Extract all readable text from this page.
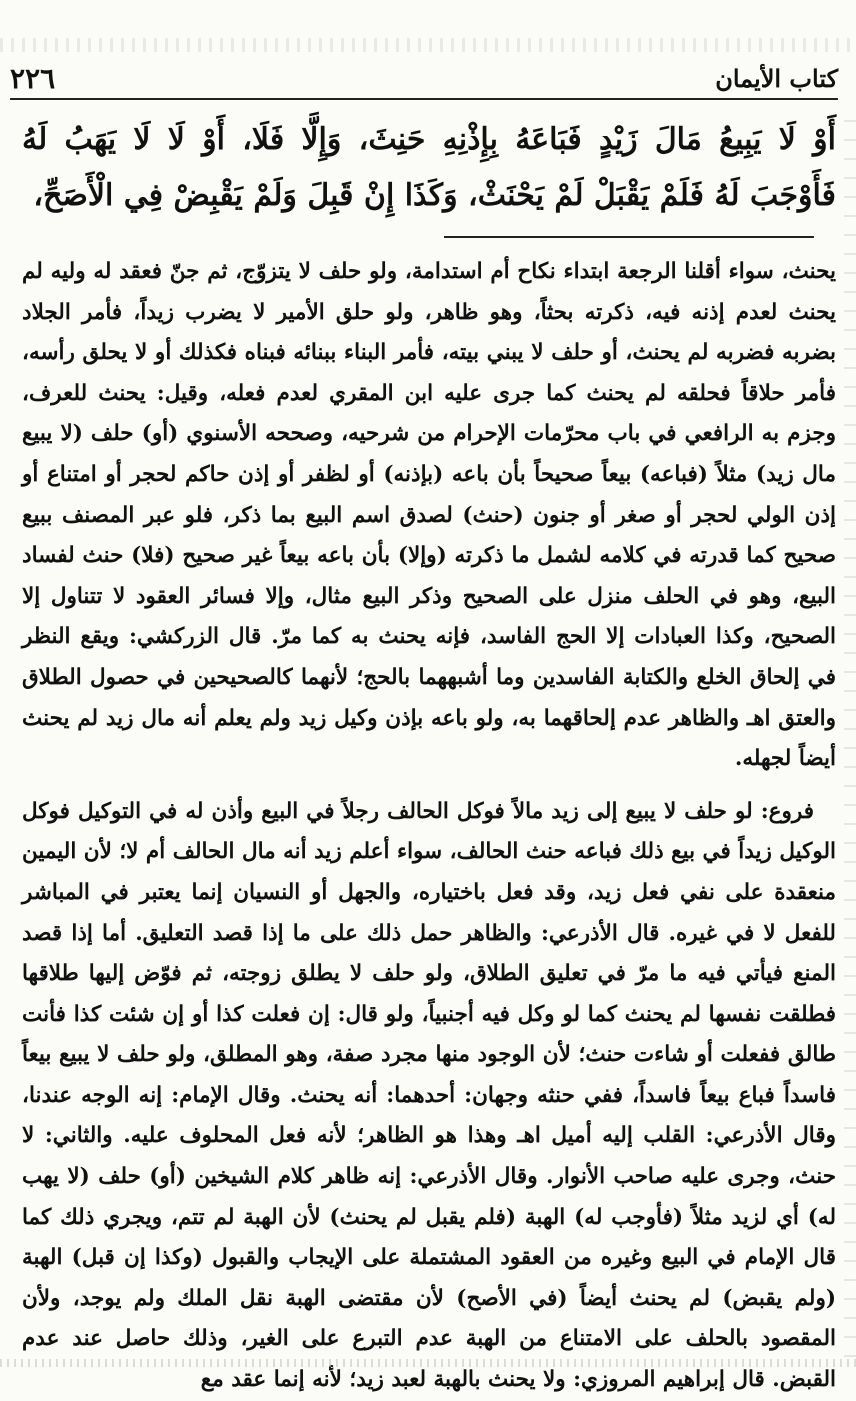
٢٢٦	كتاب الأيمان
أَوْ لَا يَبِيعُ مَالَ زَيْدٍ فَبَاعَهُ بِإِذْنِهِ حَنِثَ، وَإِلَّا فَلَا، أَوْ لَا لَا يَهَبُ لَهُ فَأَوْجَبَ لَهُ فَلَمْ يَقْبَلْ لَمْ يَحْنَثْ، وَكَذَا إِنْ قَبِلَ وَلَمْ يَقْبِضْ فِي الْأَصَحِّ،

يحنث، سواء أقلنا الرجعة ابتداء نكاح أم استدامة، ولو حلف لا يتزوّج، ثم جنّ فعقد له وليه لم يحنث لعدم إذنه فيه، ذكرته بحثاً، وهو ظاهر، ولو حلق الأمير لا يضرب زيداً، فأمر الجلاد بضربه فضربه لم يحنث، أو حلف لا يبني بيته، فأمر البناء ببنائه فبناه فكذلك أو لا يحلق رأسه، فأمر حلاقاً فحلقه لم يحنث كما جرى عليه ابن المقري لعدم فعله، وقيل: يحنث للعرف، وجزم به الرافعي في باب محرّمات الإحرام من شرحيه، وصححه الأسنوي (أو) حلف (لا يبيع مال زيد) مثلاً (فباعه) بيعاً صحيحاً بأن باعه (بإذنه) أو لظفر أو إذن حاكم لحجر أو امتناع أو إذن الولي لحجر أو صغر أو جنون (حنث) لصدق اسم البيع بما ذكر، فلو عبر المصنف ببيع صحيح كما قدرته في كلامه لشمل ما ذكرته (وإلا) بأن باعه بيعاً غير صحيح (فلا) حنث لفساد البيع، وهو في الحلف منزل على الصحيح وذكر البيع مثال، وإلا فسائر العقود لا تتناول إلا الصحيح، وكذا العبادات إلا الحج الفاسد، فإنه يحنث به كما مرّ. قال الزركشي: ويقع النظر في إلحاق الخلع والكتابة الفاسدين وما أشبههما بالحج؛ لأنهما كالصحيحين في حصول الطلاق والعتق اهـ والظاهر عدم إلحاقهما به، ولو باعه بإذن وكيل زيد ولم يعلم أنه مال زيد لم يحنث أيضاً لجهله.

فروع: لو حلف لا يبيع إلى زيد مالاً فوكل الحالف رجلاً في البيع وأذن له في التوكيل فوكل الوكيل زيداً في بيع ذلك فباعه حنث الحالف، سواء أعلم زيد أنه مال الحالف أم لا؛ لأن اليمين منعقدة على نفي فعل زيد، وقد فعل باختياره، والجهل أو النسيان إنما يعتبر في المباشر للفعل لا في غيره. قال الأذرعي: والظاهر حمل ذلك على ما إذا قصد التعليق. أما إذا قصد المنع فيأتي فيه ما مرّ في تعليق الطلاق، ولو حلف لا يطلق زوجته، ثم فوّض إليها طلاقها فطلقت نفسها لم يحنث كما لو وكل فيه أجنبياً، ولو قال: إن فعلت كذا أو إن شئت كذا فأنت طالق ففعلت أو شاءت حنث؛ لأن الوجود منها مجرد صفة، وهو المطلق، ولو حلف لا يبيع بيعاً فاسداً فباع بيعاً فاسداً، ففي حنثه وجهان: أحدهما: أنه يحنث. وقال الإمام: إنه الوجه عندنا، وقال الأذرعي: القلب إليه أميل اهـ وهذا هو الظاهر؛ لأنه فعل المحلوف عليه. والثاني: لا حنث، وجرى عليه صاحب الأنوار. وقال الأذرعي: إنه ظاهر كلام الشيخين (أو) حلف (لا يهب له) أي لزيد مثلاً (فأوجب له) الهبة (فلم يقبل لم يحنث) لأن الهبة لم تتم، ويجري ذلك كما قال الإمام في البيع وغيره من العقود المشتملة على الإيجاب والقبول (وكذا إن قبل) الهبة (ولم يقبض) لم يحنث أيضاً (في الأصح) لأن مقتضى الهبة نقل الملك ولم يوجد، ولأن المقصود بالحلف على الامتناع من الهبة عدم التبرع على الغير، وذلك حاصل عند عدم القبض. قال إبراهيم المروزي: ولا يحنث بالهبة لعبد زيد؛ لأنه إنما عقد مع
